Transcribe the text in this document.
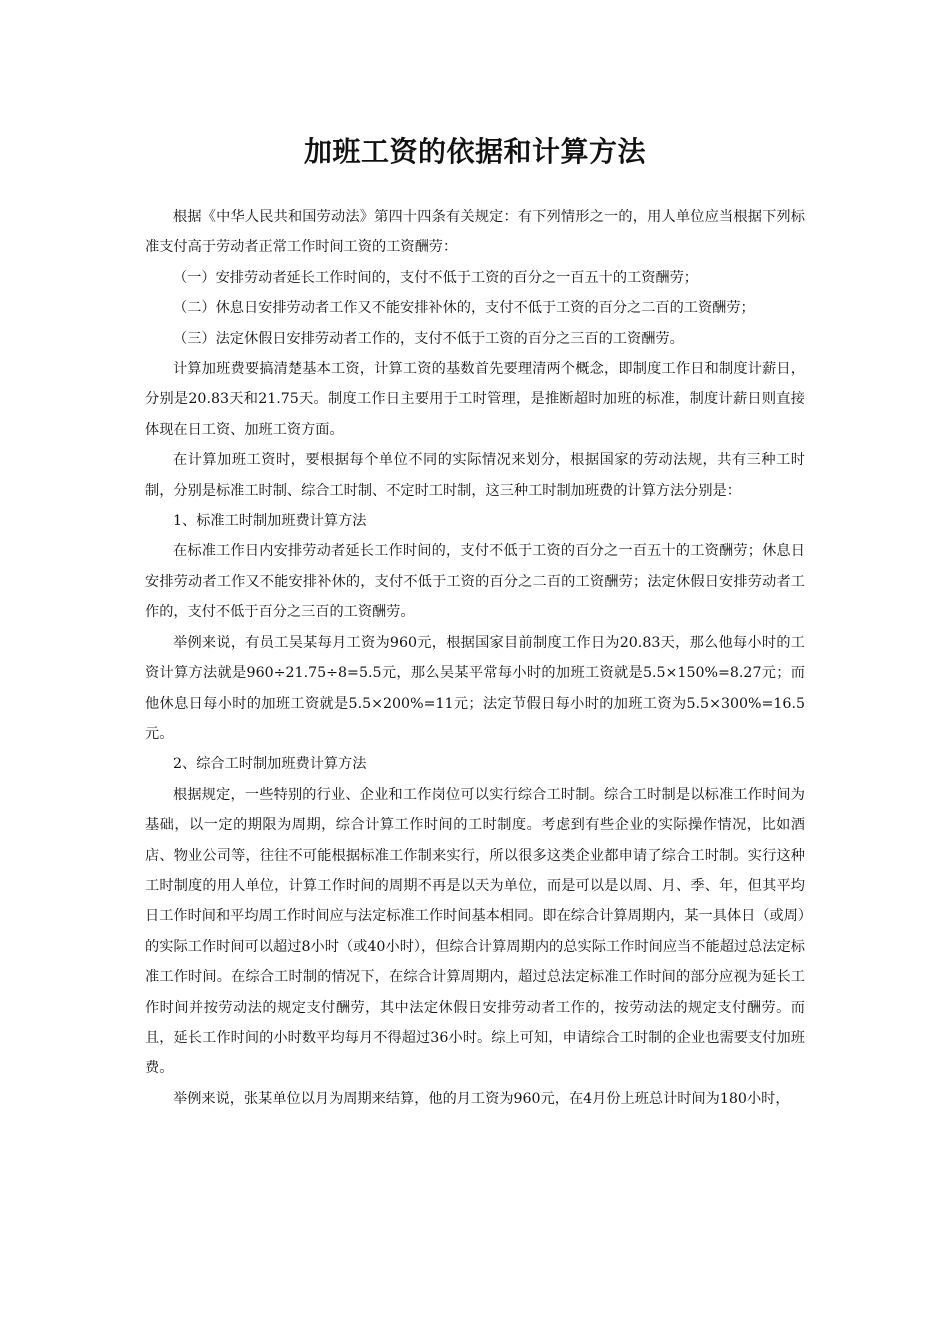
加班工资的依据和计算方法

根据《中华人民共和国劳动法》第四十四条有关规定：有下列情形之一的，用人单位应当根据下列标准支付高于劳动者正常工作时间工资的工资酬劳：

（一）安排劳动者延长工作时间的，支付不低于工资的百分之一百五十的工资酬劳；

（二）休息日安排劳动者工作又不能安排补休的，支付不低于工资的百分之二百的工资酬劳；

（三）法定休假日安排劳动者工作的，支付不低于工资的百分之三百的工资酬劳。

计算加班费要搞清楚基本工资，计算工资的基数首先要理清两个概念，即制度工作日和制度计薪日，分别是20.83天和21.75天。制度工作日主要用于工时管理，是推断超时加班的标准，制度计薪日则直接体现在日工资、加班工资方面。

在计算加班工资时，要根据每个单位不同的实际情况来划分，根据国家的劳动法规，共有三种工时制，分别是标准工时制、综合工时制、不定时工时制，这三种工时制加班费的计算方法分别是：

1、标准工时制加班费计算方法

在标准工作日内安排劳动者延长工作时间的，支付不低于工资的百分之一百五十的工资酬劳；休息日安排劳动者工作又不能安排补休的，支付不低于工资的百分之二百的工资酬劳；法定休假日安排劳动者工作的，支付不低于百分之三百的工资酬劳。

举例来说，有员工吴某每月工资为960元，根据国家目前制度工作日为20.83天，那么他每小时的工资计算方法就是960÷21.75÷8=5.5元，那么吴某平常每小时的加班工资就是5.5×150%=8.27元；而他休息日每小时的加班工资就是5.5×200%=11元；法定节假日每小时的加班工资为5.5×300%=16.5元。

2、综合工时制加班费计算方法

根据规定，一些特别的行业、企业和工作岗位可以实行综合工时制。综合工时制是以标准工作时间为基础，以一定的期限为周期，综合计算工作时间的工时制度。考虑到有些企业的实际操作情况，比如酒店、物业公司等，往往不可能根据标准工作制来实行，所以很多这类企业都申请了综合工时制。实行这种工时制度的用人单位，计算工作时间的周期不再是以天为单位，而是可以是以周、月、季、年，但其平均日工作时间和平均周工作时间应与法定标准工作时间基本相同。即在综合计算周期内，某一具体日（或周）的实际工作时间可以超过8小时（或40小时），但综合计算周期内的总实际工作时间应当不能超过总法定标准工作时间。在综合工时制的情况下，在综合计算周期内，超过总法定标准工作时间的部分应视为延长工作时间并按劳动法的规定支付酬劳，其中法定休假日安排劳动者工作的，按劳动法的规定支付酬劳。而且，延长工作时间的小时数平均每月不得超过36小时。综上可知，申请综合工时制的企业也需要支付加班费。

举例来说，张某单位以月为周期来结算，他的月工资为960元，在4月份上班总计时间为180小时，
